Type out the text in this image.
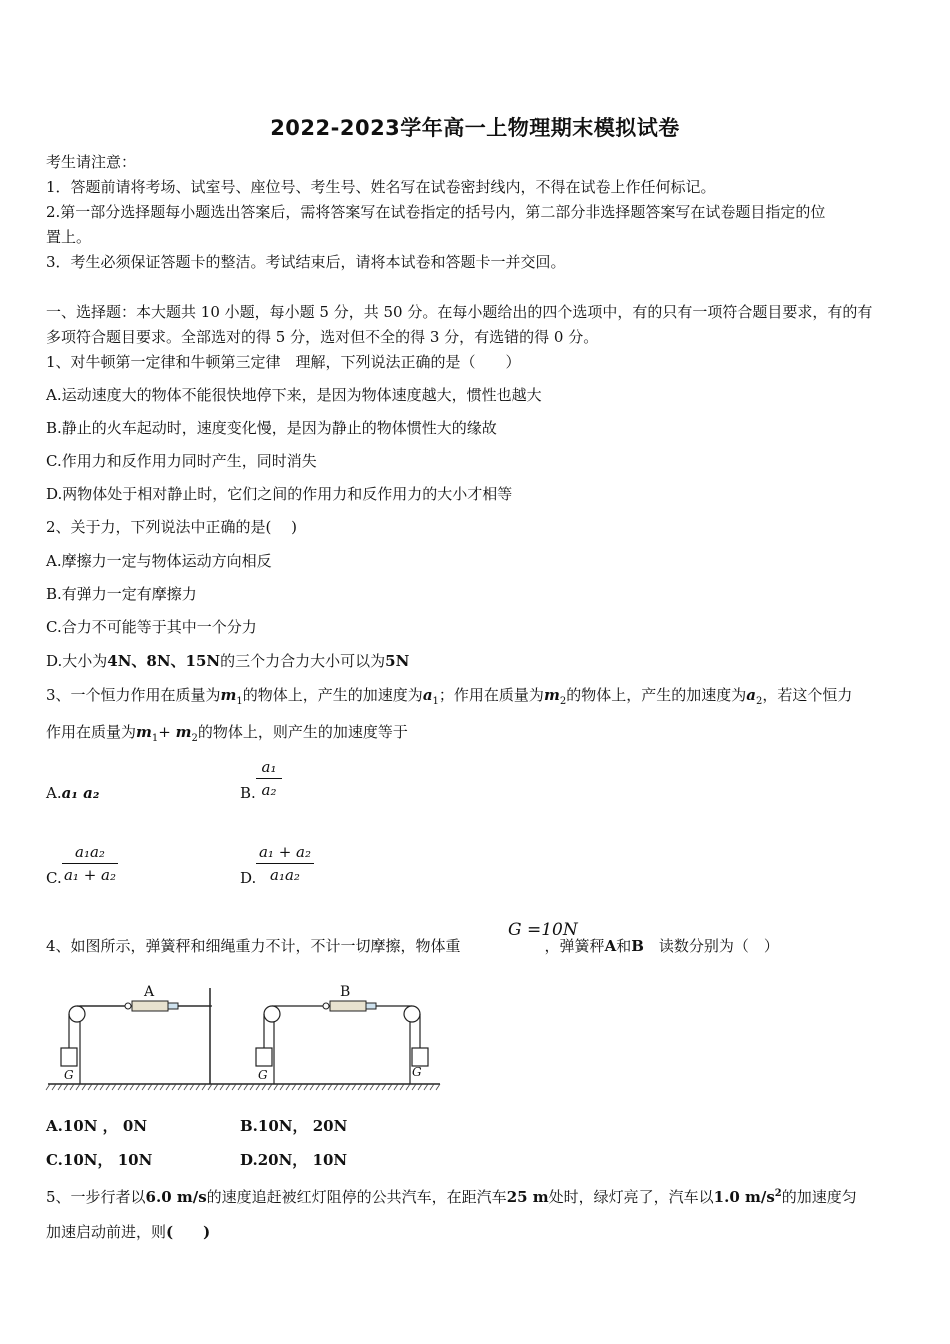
2022-2023学年高一上物理期末模拟试卷
考生请注意：
1．答题前请将考场、试室号、座位号、考生号、姓名写在试卷密封线内，不得在试卷上作任何标记。
2.第一部分选择题每小题选出答案后，需将答案写在试卷指定的括号内，第二部分非选择题答案写在试卷题目指定的位
置上。
3．考生必须保证答题卡的整洁。考试结束后，请将本试卷和答题卡一并交回。
一、选择题：本大题共 10 小题，每小题 5 分，共 50 分。在每小题给出的四个选项中，有的只有一项符合题目要求，有的有
多项符合题目要求。全部选对的得 5 分，选对但不全的得 3 分，有选错的得 0 分。
1、对牛顿第一定律和牛顿第三定律　理解，下列说法正确的是（　　）
A.运动速度大的物体不能很快地停下来，是因为物体速度越大，惯性也越大
B.静止的火车起动时，速度变化慢，是因为静止的物体惯性大的缘故
C.作用力和反作用力同时产生，同时消失
D.两物体处于相对静止时，它们之间的作用力和反作用力的大小才相等
2、关于力，下列说法中正确的是(　 )
A.摩擦力一定与物体运动方向相反
B.有弹力一定有摩擦力
C.合力不可能等于其中一个分力
D.大小为4N、8N、15N的三个力合力大小可以为5N
3、一个恒力作用在质量为$m_1$的物体上，产生的加速度为$a_1$；作用在质量为$m_2$的物体上，产生的加速度为$a_2$，若这个恒力
作用在质量为$m_1+ m_2$的物体上，则产生的加速度等于
A.a₁ a₂	B.
a₁
a₂
C.
a₁a₂
a₁ + a₂	D.
a₁ + a₂
a₁a₂
4、如图所示，弹簧秤和细绳重力不计，不计一切摩擦，物体重	，弹簧秤A和B　读数分别为（　）
G =10N
G
A
G	G
B
A.10N ， 0N	B.10N， 20N
C.10N， 10N	D.20N， 10N
5、一步行者以6.0 m/s的速度追赶被红灯阻停的公共汽车，在距汽车25 m处时，绿灯亮了，汽车以1.0 $m/s^2$的加速度匀
加速启动前进，则(　　)
